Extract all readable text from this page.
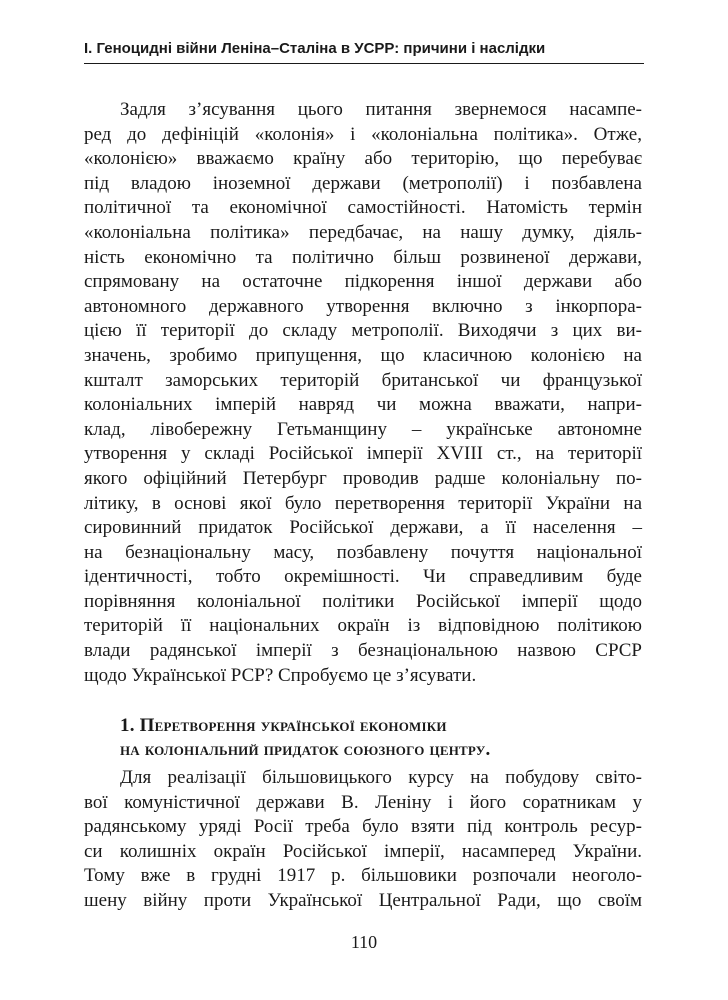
І. Геноцидні війни Леніна–Сталіна в УСРР: причини і наслідки
Задля з’ясування цього питання звернемося насампе-
ред до дефініцій «колонія» і «колоніальна політика». Отже,
«колонією» вважаємо країну або територію, що перебуває
під владою іноземної держави (метрополії) і позбавлена
політичної та економічної самостійності. Натомість термін
«колоніальна політика» передбачає, на нашу думку, діяль-
ність економічно та політично більш розвиненої держави,
спрямовану на остаточне підкорення іншої держави або
автономного державного утворення включно з інкорпора-
цією її території до складу метрополії. Виходячи з цих ви-
значень, зробимо припущення, що класичною колонією на
кшталт заморських територій британської чи французької
колоніальних імперій навряд чи можна вважати, напри-
клад, лівобережну Гетьманщину – українське автономне
утворення у складі Російської імперії XVIII ст., на території
якого офіційний Петербург проводив радше колоніальну по-
літику, в основі якої було перетворення території України на
сировинний придаток Російської держави, а її населення –
на безнаціональну масу, позбавлену почуття національної
ідентичності, тобто окремішності. Чи справедливим буде
порівняння колоніальної політики Російської імперії щодо
територій її національних окраїн із відповідною політикою
влади радянської імперії з безнаціональною назвою СРСР
щодо Української РСР? Спробуємо це з’ясувати.
1. Перетворення української економіки
на колоніальний придаток союзного центру.
Для реалізації більшовицького курсу на побудову світо-
вої комуністичної держави В. Леніну і його соратникам у
радянському уряді Росії треба було взяти під контроль ресур-
си колишніх окраїн Російської імперії, насамперед України.
Тому вже в грудні 1917 р. більшовики розпочали неоголо-
шену війну проти Української Центральної Ради, що своїм
110
